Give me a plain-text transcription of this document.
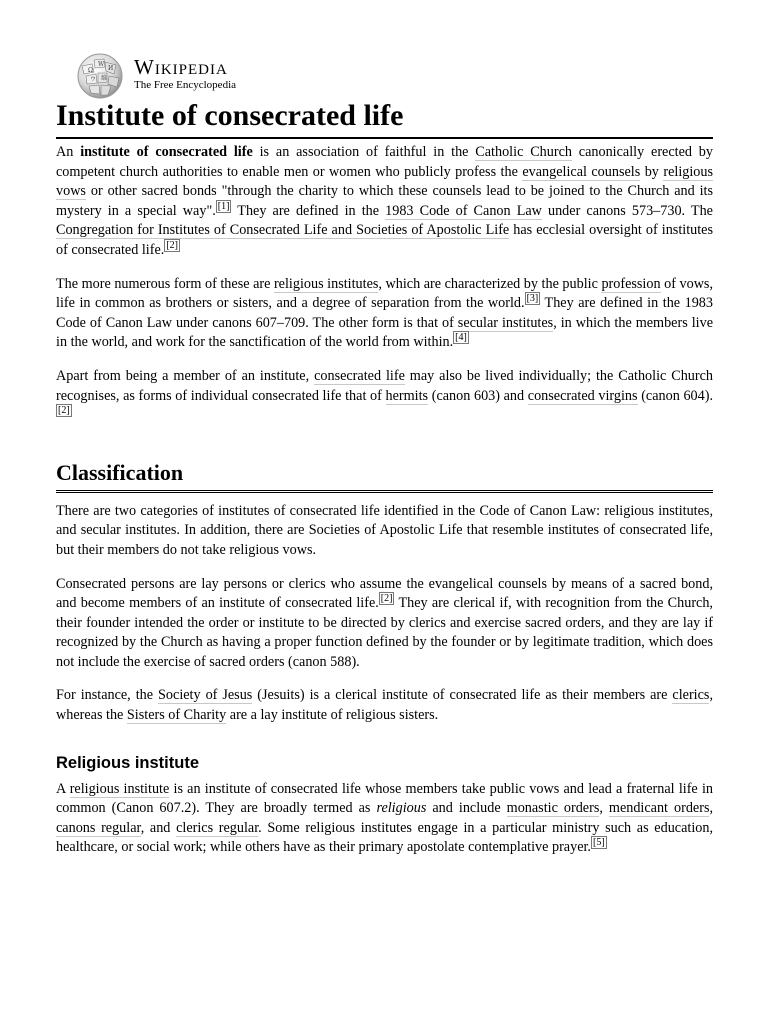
Ω
W
И
ウ 維 Wikipedia
The Free Encyclopedia
Institute of consecrated life

An institute of consecrated life is an association of faithful in the Catholic Church canonically erected by competent church authorities to enable men or women who publicly profess the evangelical counsels by religious vows or other sacred bonds "through the charity to which these counsels lead to be joined to the Church and its mystery in a special way". [1] They are defined in the 1983 Code of Canon Law under canons 573–730. The Congregation for Institutes of Consecrated Life and Societies of Apostolic Life has ecclesial oversight of institutes of consecrated life. [2]

The more numerous form of these are religious institutes, which are characterized by the public profession of vows, life in common as brothers or sisters, and a degree of separation from the world. [3] They are defined in the 1983 Code of Canon Law under canons 607–709. The other form is that of secular institutes, in which the members live in the world, and work for the sanctification of the world from within. [4]

Apart from being a member of an institute, consecrated life may also be lived individually; the Catholic Church recognises, as forms of individual consecrated life that of hermits (canon 603) and consecrated virgins (canon 604).[2]

Classification

There are two categories of institutes of consecrated life identified in the Code of Canon Law: religious institutes, and secular institutes. In addition, there are Societies of Apostolic Life that resemble institutes of consecrated life, but their members do not take religious vows.

Consecrated persons are lay persons or clerics who assume the evangelical counsels by means of a sacred bond, and become members of an institute of consecrated life. [2] They are clerical if, with recognition from the Church, their founder intended the order or institute to be directed by clerics and exercise sacred orders, and they are lay if recognized by the Church as having a proper function defined by the founder or by legitimate tradition, which does not include the exercise of sacred orders (canon 588).

For instance, the Society of Jesus (Jesuits) is a clerical institute of consecrated life as their members are clerics, whereas the Sisters of Charity are a lay institute of religious sisters.

Religious institute

A religious institute is an institute of consecrated life whose members take public vows and lead a fraternal life in common (Canon 607.2). They are broadly termed as religious and include monastic orders, mendicant orders, canons regular, and clerics regular. Some religious institutes engage in a particular ministry such as education, healthcare, or social work; while others have as their primary apostolate contemplative prayer. [5]
